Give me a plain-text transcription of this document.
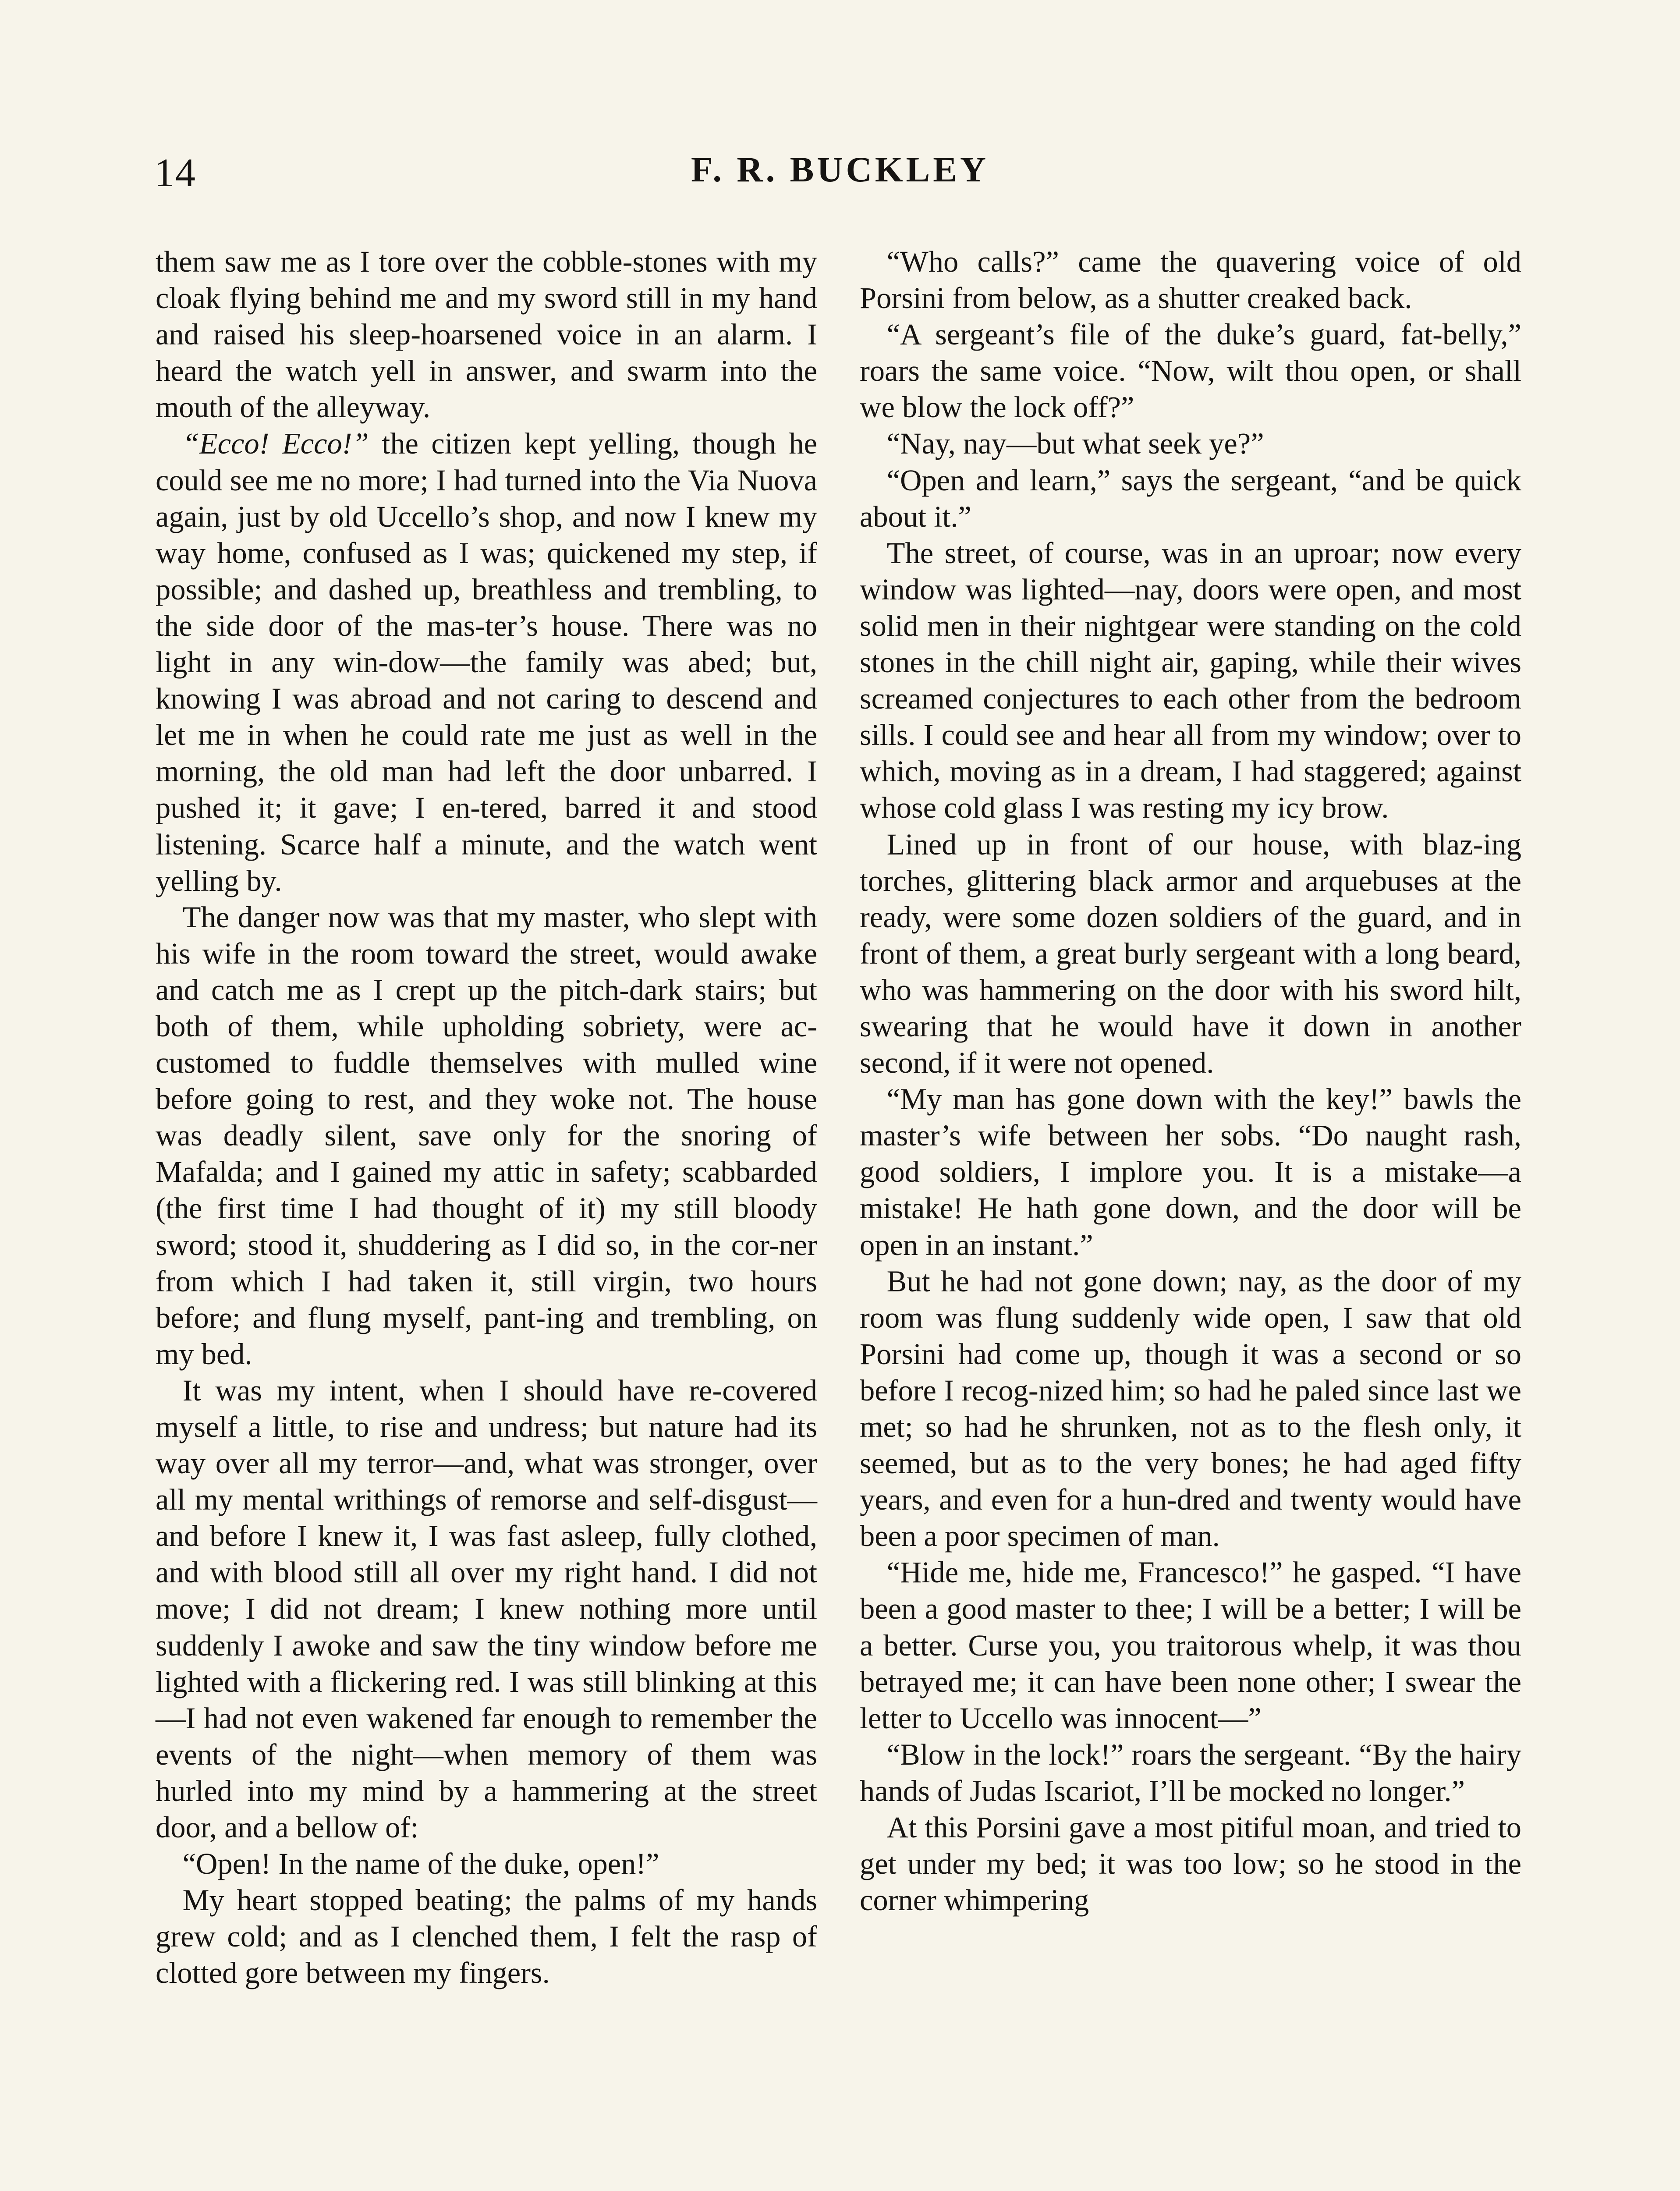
14	F. R. BUCKLEY

them saw me as I tore over the cobble-stones with my cloak flying behind me and my sword still in my hand and raised his sleep-hoarsened voice in an alarm. I heard the watch yell in answer, and swarm into the mouth of the alleyway.

“Ecco! Ecco!” the citizen kept yelling, though he could see me no more; I had turned into the Via Nuova again, just by old Uccello’s shop, and now I knew my way home, confused as I was; quickened my step, if possible; and dashed up, breathless and trembling, to the side door of the mas-ter’s house. There was no light in any win-dow—the family was abed; but, knowing I was abroad and not caring to descend and let me in when he could rate me just as well in the morning, the old man had left the door unbarred. I pushed it; it gave; I en-tered, barred it and stood listening. Scarce half a minute, and the watch went yelling by.

The danger now was that my master, who slept with his wife in the room toward the street, would awake and catch me as I crept up the pitch-dark stairs; but both of them, while upholding sobriety, were ac-customed to fuddle themselves with mulled wine before going to rest, and they woke not. The house was deadly silent, save only for the snoring of Mafalda; and I gained my attic in safety; scabbarded (the first time I had thought of it) my still bloody sword; stood it, shuddering as I did so, in the cor-ner from which I had taken it, still virgin, two hours before; and flung myself, pant-ing and trembling, on my bed.

It was my intent, when I should have re-covered myself a little, to rise and undress; but nature had its way over all my terror—and, what was stronger, over all my mental writhings of remorse and self-disgust—and before I knew it, I was fast asleep, fully clothed, and with blood still all over my right hand. I did not move; I did not dream; I knew nothing more until suddenly I awoke and saw the tiny window before me lighted with a flickering red. I was still blinking at this—I had not even wakened far enough to remember the events of the night—when memory of them was hurled into my mind by a hammering at the street door, and a bellow of:

“Open! In the name of the duke, open!”

My heart stopped beating; the palms of my hands grew cold; and as I clenched them, I felt the rasp of clotted gore between my fingers.

“Who calls?” came the quavering voice of old Porsini from below, as a shutter creaked back.

“A sergeant’s file of the duke’s guard, fat-belly,” roars the same voice. “Now, wilt thou open, or shall we blow the lock off?”

“Nay, nay—but what seek ye?”

“Open and learn,” says the sergeant, “and be quick about it.”

The street, of course, was in an uproar; now every window was lighted—nay, doors were open, and most solid men in their nightgear were standing on the cold stones in the chill night air, gaping, while their wives screamed conjectures to each other from the bedroom sills. I could see and hear all from my window; over to which, moving as in a dream, I had staggered; against whose cold glass I was resting my icy brow.

Lined up in front of our house, with blaz-ing torches, glittering black armor and arquebuses at the ready, were some dozen soldiers of the guard, and in front of them, a great burly sergeant with a long beard, who was hammering on the door with his sword hilt, swearing that he would have it down in another second, if it were not opened.

“My man has gone down with the key!” bawls the master’s wife between her sobs. “Do naught rash, good soldiers, I implore you. It is a mistake—a mistake! He hath gone down, and the door will be open in an instant.”

But he had not gone down; nay, as the door of my room was flung suddenly wide open, I saw that old Porsini had come up, though it was a second or so before I recog-nized him; so had he paled since last we met; so had he shrunken, not as to the flesh only, it seemed, but as to the very bones; he had aged fifty years, and even for a hun-dred and twenty would have been a poor specimen of man.

“Hide me, hide me, Francesco!” he gasped. “I have been a good master to thee; I will be a better; I will be a better. Curse you, you traitorous whelp, it was thou betrayed me; it can have been none other; I swear the letter to Uccello was innocent—”

“Blow in the lock!” roars the sergeant. “By the hairy hands of Judas Iscariot, I’ll be mocked no longer.”

At this Porsini gave a most pitiful moan, and tried to get under my bed; it was too low; so he stood in the corner whimpering
